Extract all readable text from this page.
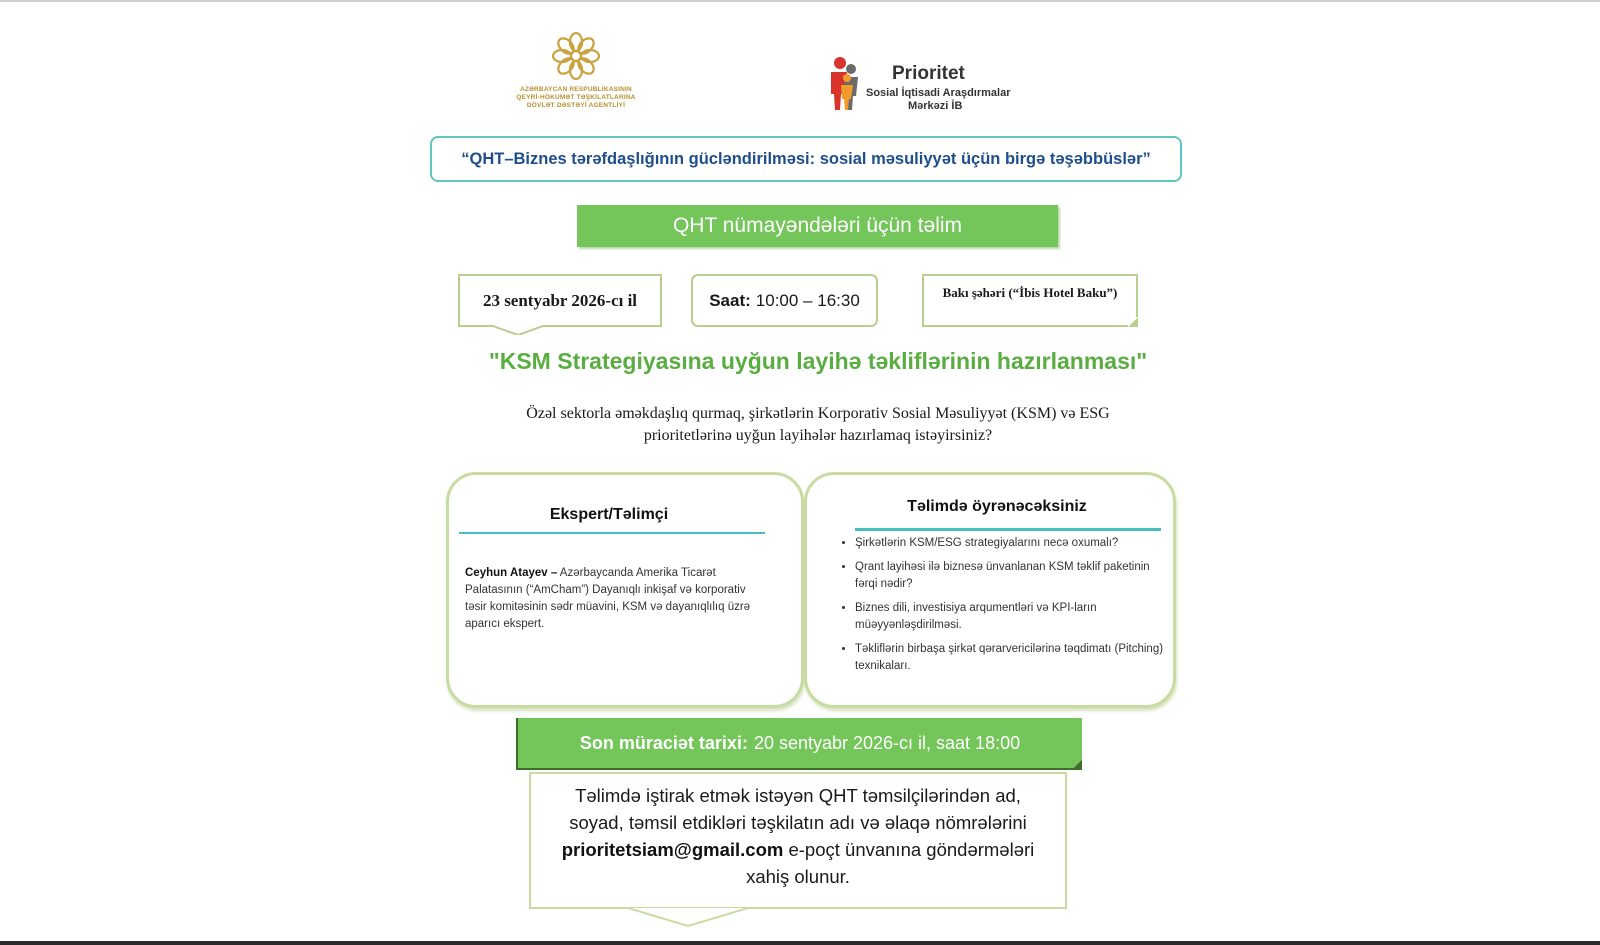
AZƏRBAYCAN RESPUBLİKASININ
QEYRİ-HÖKUMƏT TƏŞKİLATLARINA
DÖVLƏT DƏSTƏYİ AGENTLİYİ
Prioritet
Sosial İqtisadi Araşdırmalar
Mərkəzi İB
“QHT–Biznes tərəfdaşlığının gücləndirilməsi: sosial məsuliyyət üçün birgə təşəbbüslər”
QHT nümayəndələri üçün təlim
23 sentyabr 2026-cı il	Saat: 10:00 – 16:30	Bakı şəhəri (“İbis Hotel Baku”)
"KSM Strategiyasına uyğun layihə təkliflərinin hazırlanması"
Özəl sektorla əməkdaşlıq qurmaq, şirkətlərin Korporativ Sosial Məsuliyyət (KSM) və ESG
prioritetlərinə uyğun layihələr hazırlamaq istəyirsiniz?
Ekspert/Təlimçi
Ceyhun Atayev – Azərbaycanda Amerika Ticarət Palatasının (“AmCham”) Dayanıqlı inkişaf və korporativ təsir komitəsinin sədr müavini, KSM və dayanıqlılıq üzrə aparıcı ekspert.
Təlimdə öyrənəcəksiniz
• Şirkətlərin KSM/ESG strategiyalarını necə oxumalı?
• Qrant layihəsi ilə biznesə ünvanlanan KSM təklif paketinin fərqi nədir?
• Biznes dili, investisiya arqumentləri və KPI-ların müəyyənləşdirilməsi.
• Təkliflərin birbaşa şirkət qərarvericilərinə təqdimatı (Pitching) texnikaları.
Son müraciət tarixi: 20 sentyabr 2026-cı il, saat 18:00
Təlimdə iştirak etmək istəyən QHT təmsilçilərindən ad, soyad, təmsil etdikləri təşkilatın adı və əlaqə nömrələrini prioritetsiam@gmail.com e-poçt ünvanına göndərmələri xahiş olunur.
